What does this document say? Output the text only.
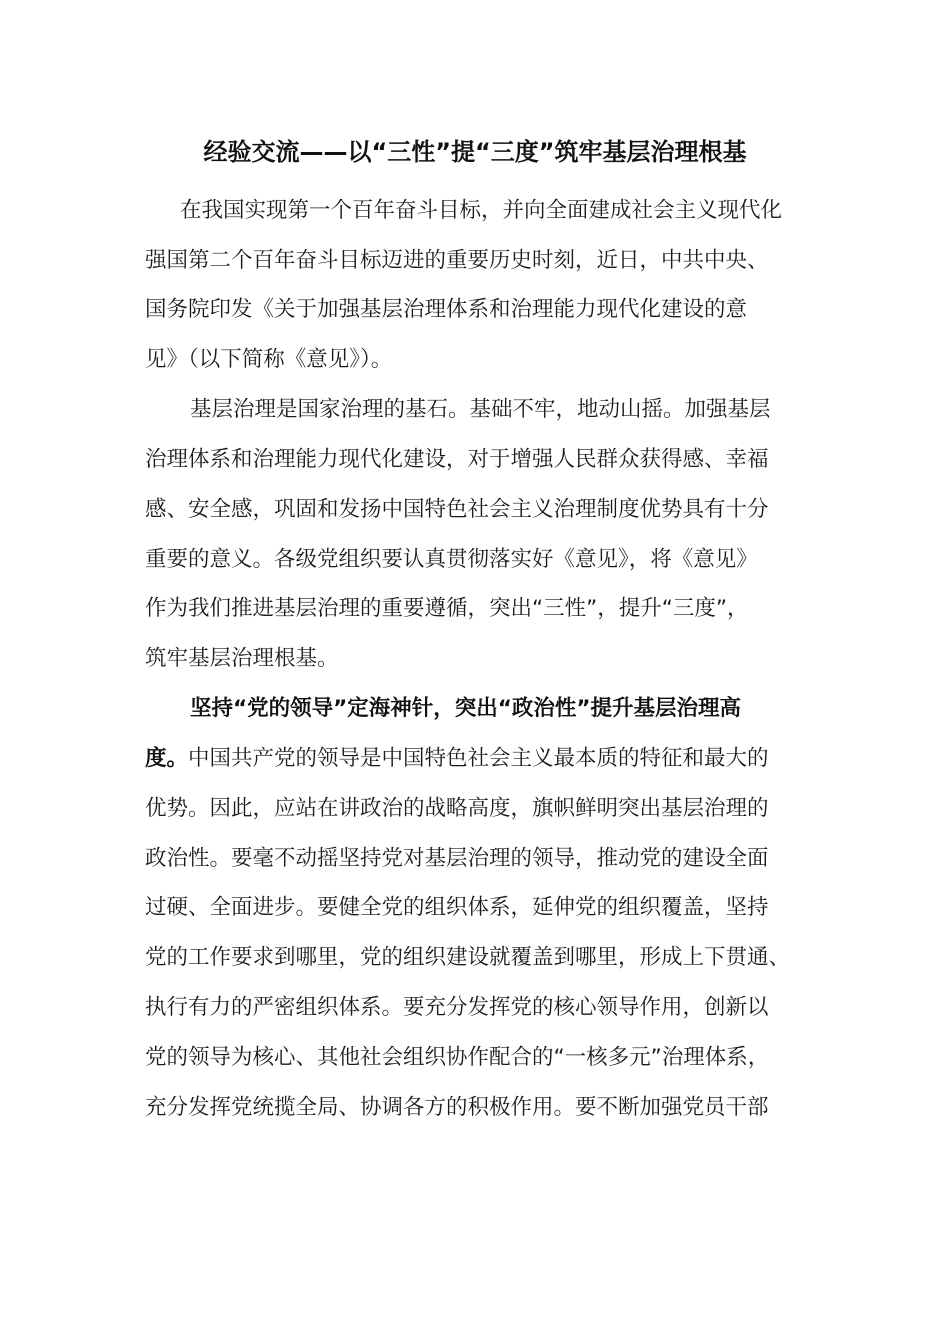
经验交流——以“三性”提“三度”筑牢基层治理根基
在我国实现第一个百年奋斗目标，并向全面建成社会主义现代化
强国第二个百年奋斗目标迈进的重要历史时刻，近日，中共中央、
国务院印发《关于加强基层治理体系和治理能力现代化建设的意
见》（以下简称《意见》）。
基层治理是国家治理的基石。基础不牢，地动山摇。加强基层
治理体系和治理能力现代化建设，对于增强人民群众获得感、幸福
感、安全感，巩固和发扬中国特色社会主义治理制度优势具有十分
重要的意义。各级党组织要认真贯彻落实好《意见》，将《意见》
作为我们推进基层治理的重要遵循，突出“三性”，提升“三度”，
筑牢基层治理根基。
坚持“党的领导”定海神针，突出“政治性”提升基层治理高
度。中国共产党的领导是中国特色社会主义最本质的特征和最大的
优势。因此，应站在讲政治的战略高度，旗帜鲜明突出基层治理的
政治性。要毫不动摇坚持党对基层治理的领导，推动党的建设全面
过硬、全面进步。要健全党的组织体系，延伸党的组织覆盖，坚持
党的工作要求到哪里，党的组织建设就覆盖到哪里，形成上下贯通、
执行有力的严密组织体系。要充分发挥党的核心领导作用，创新以
党的领导为核心、其他社会组织协作配合的“一核多元”治理体系，
充分发挥党统揽全局、协调各方的积极作用。要不断加强党员干部
